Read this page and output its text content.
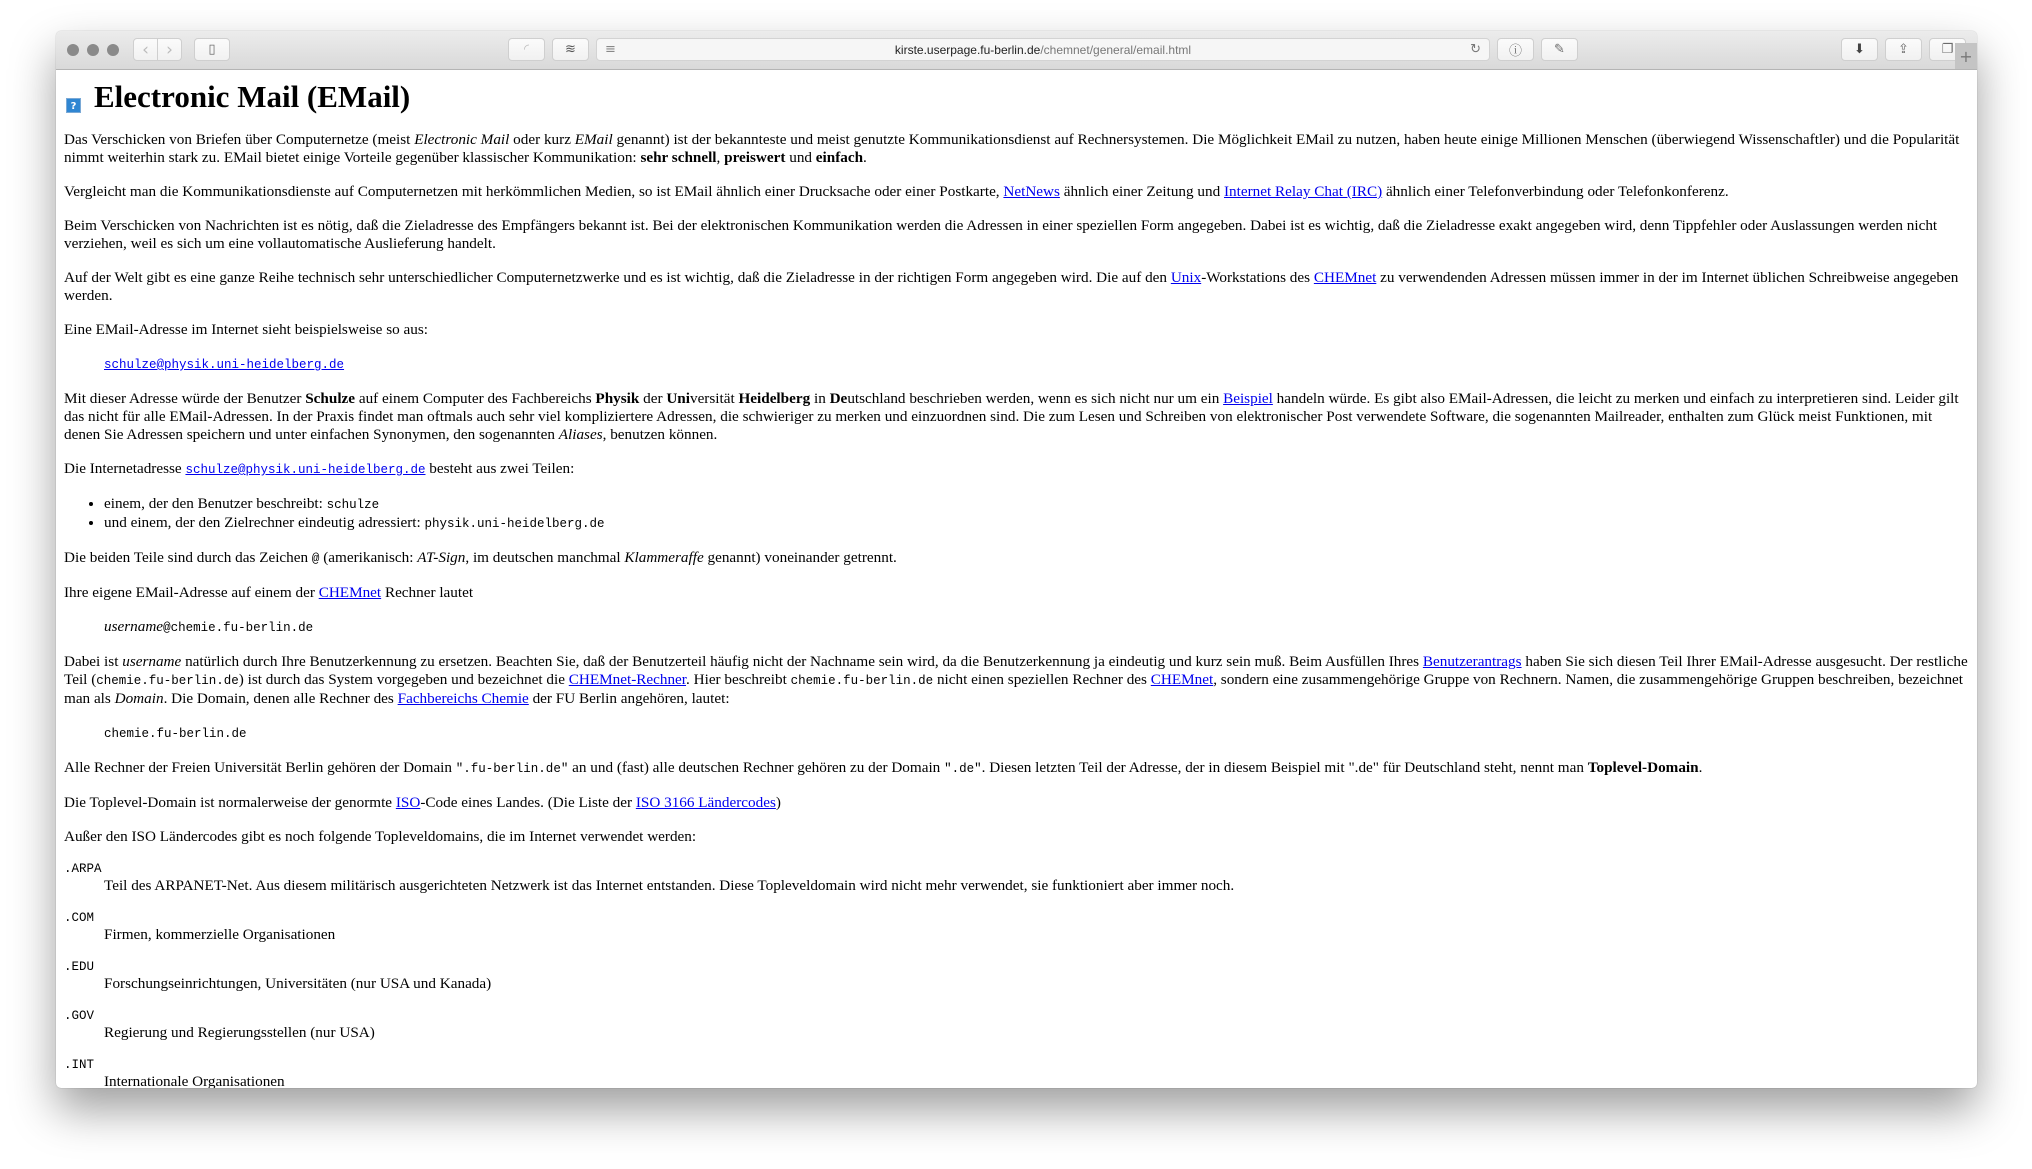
‹ ›	▯	◜	≋ ≡	kirste.userpage.fu-berlin.de/chemnet/general/email.html	↻ ⓘ ✎	⬇	⇪	❐ +
? Electronic Mail (EMail)

Das Verschicken von Briefen über Computernetze (meist Electronic Mail oder kurz EMail genannt) ist der bekannteste und meist genutzte Kommunikationsdienst auf Rechnersystemen. Die Möglichkeit EMail zu nutzen, haben heute einige Millionen Menschen (überwiegend Wissenschaftler) und die Popularität nimmt weiterhin stark zu. EMail bietet einige Vorteile gegenüber klassischer Kommunikation: sehr schnell, preiswert und einfach.

Vergleicht man die Kommunikationsdienste auf Computernetzen mit herkömmlichen Medien, so ist EMail ähnlich einer Drucksache oder einer Postkarte, NetNews ähnlich einer Zeitung und Internet Relay Chat (IRC) ähnlich einer Telefonverbindung oder Telefonkonferenz.

Beim Verschicken von Nachrichten ist es nötig, daß die Zieladresse des Empfängers bekannt ist. Bei der elektronischen Kommunikation werden die Adressen in einer speziellen Form angegeben. Dabei ist es wichtig, daß die Zieladresse exakt angegeben wird, denn Tippfehler oder Auslassungen werden nicht verziehen, weil es sich um eine vollautomatische Auslieferung handelt.

Auf der Welt gibt es eine ganze Reihe technisch sehr unterschiedlicher Computernetzwerke und es ist wichtig, daß die Zieladresse in der richtigen Form angegeben wird. Die auf den Unix-Workstations des CHEMnet zu verwendenden Adressen müssen immer in der im Internet üblichen Schreibweise angegeben werden.

Eine EMail-Adresse im Internet sieht beispielsweise so aus:

schulze@physik.uni-heidelberg.de

Mit dieser Adresse würde der Benutzer Schulze auf einem Computer des Fachbereichs Physik der Universität Heidelberg in Deutschland beschrieben werden, wenn es sich nicht nur um ein Beispiel handeln würde. Es gibt also EMail-Adressen, die leicht zu merken und einfach zu interpretieren sind. Leider gilt das nicht für alle EMail-Adressen. In der Praxis findet man oftmals auch sehr viel kompliziertere Adressen, die schwieriger zu merken und einzuordnen sind. Die zum Lesen und Schreiben von elektronischer Post verwendete Software, die sogenannten Mailreader, enthalten zum Glück meist Funktionen, mit denen Sie Adressen speichern und unter einfachen Synonymen, den sogenannten Aliases, benutzen können.

Die Internetadresse schulze@physik.uni-heidelberg.de besteht aus zwei Teilen:

• einem, der den Benutzer beschreibt: schulze
• und einem, der den Zielrechner eindeutig adressiert: physik.uni-heidelberg.de

Die beiden Teile sind durch das Zeichen @ (amerikanisch: AT-Sign, im deutschen manchmal Klammeraffe genannt) voneinander getrennt.

Ihre eigene EMail-Adresse auf einem der CHEMnet Rechner lautet

username@chemie.fu-berlin.de

Dabei ist username natürlich durch Ihre Benutzerkennung zu ersetzen. Beachten Sie, daß der Benutzerteil häufig nicht der Nachname sein wird, da die Benutzerkennung ja eindeutig und kurz sein muß. Beim Ausfüllen Ihres Benutzerantrags haben Sie sich diesen Teil Ihrer EMail-Adresse ausgesucht. Der restliche Teil (chemie.fu-berlin.de) ist durch das System vorgegeben und bezeichnet die CHEMnet-Rechner. Hier beschreibt chemie.fu-berlin.de nicht einen speziellen Rechner des CHEMnet, sondern eine zusammengehörige Gruppe von Rechnern. Namen, die zusammengehörige Gruppen beschreiben, bezeichnet man als Domain. Die Domain, denen alle Rechner des Fachbereichs Chemie der FU Berlin angehören, lautet:

chemie.fu-berlin.de

Alle Rechner der Freien Universität Berlin gehören der Domain ".fu-berlin.de" an und (fast) alle deutschen Rechner gehören zu der Domain ".de". Diesen letzten Teil der Adresse, der in diesem Beispiel mit ".de" für Deutschland steht, nennt man Toplevel-Domain.

Die Toplevel-Domain ist normalerweise der genormte ISO-Code eines Landes. (Die Liste der ISO 3166 Ländercodes)

Außer den ISO Ländercodes gibt es noch folgende Topleveldomains, die im Internet verwendet werden:

.ARPA
Teil des ARPANET-Net. Aus diesem militärisch ausgerichteten Netzwerk ist das Internet entstanden. Diese Topleveldomain wird nicht mehr verwendet, sie funktioniert aber immer noch.
.COM
Firmen, kommerzielle Organisationen
.EDU
Forschungseinrichtungen, Universitäten (nur USA und Kanada)
.GOV
Regierung und Regierungsstellen (nur USA)
.INT
Internationale Organisationen
